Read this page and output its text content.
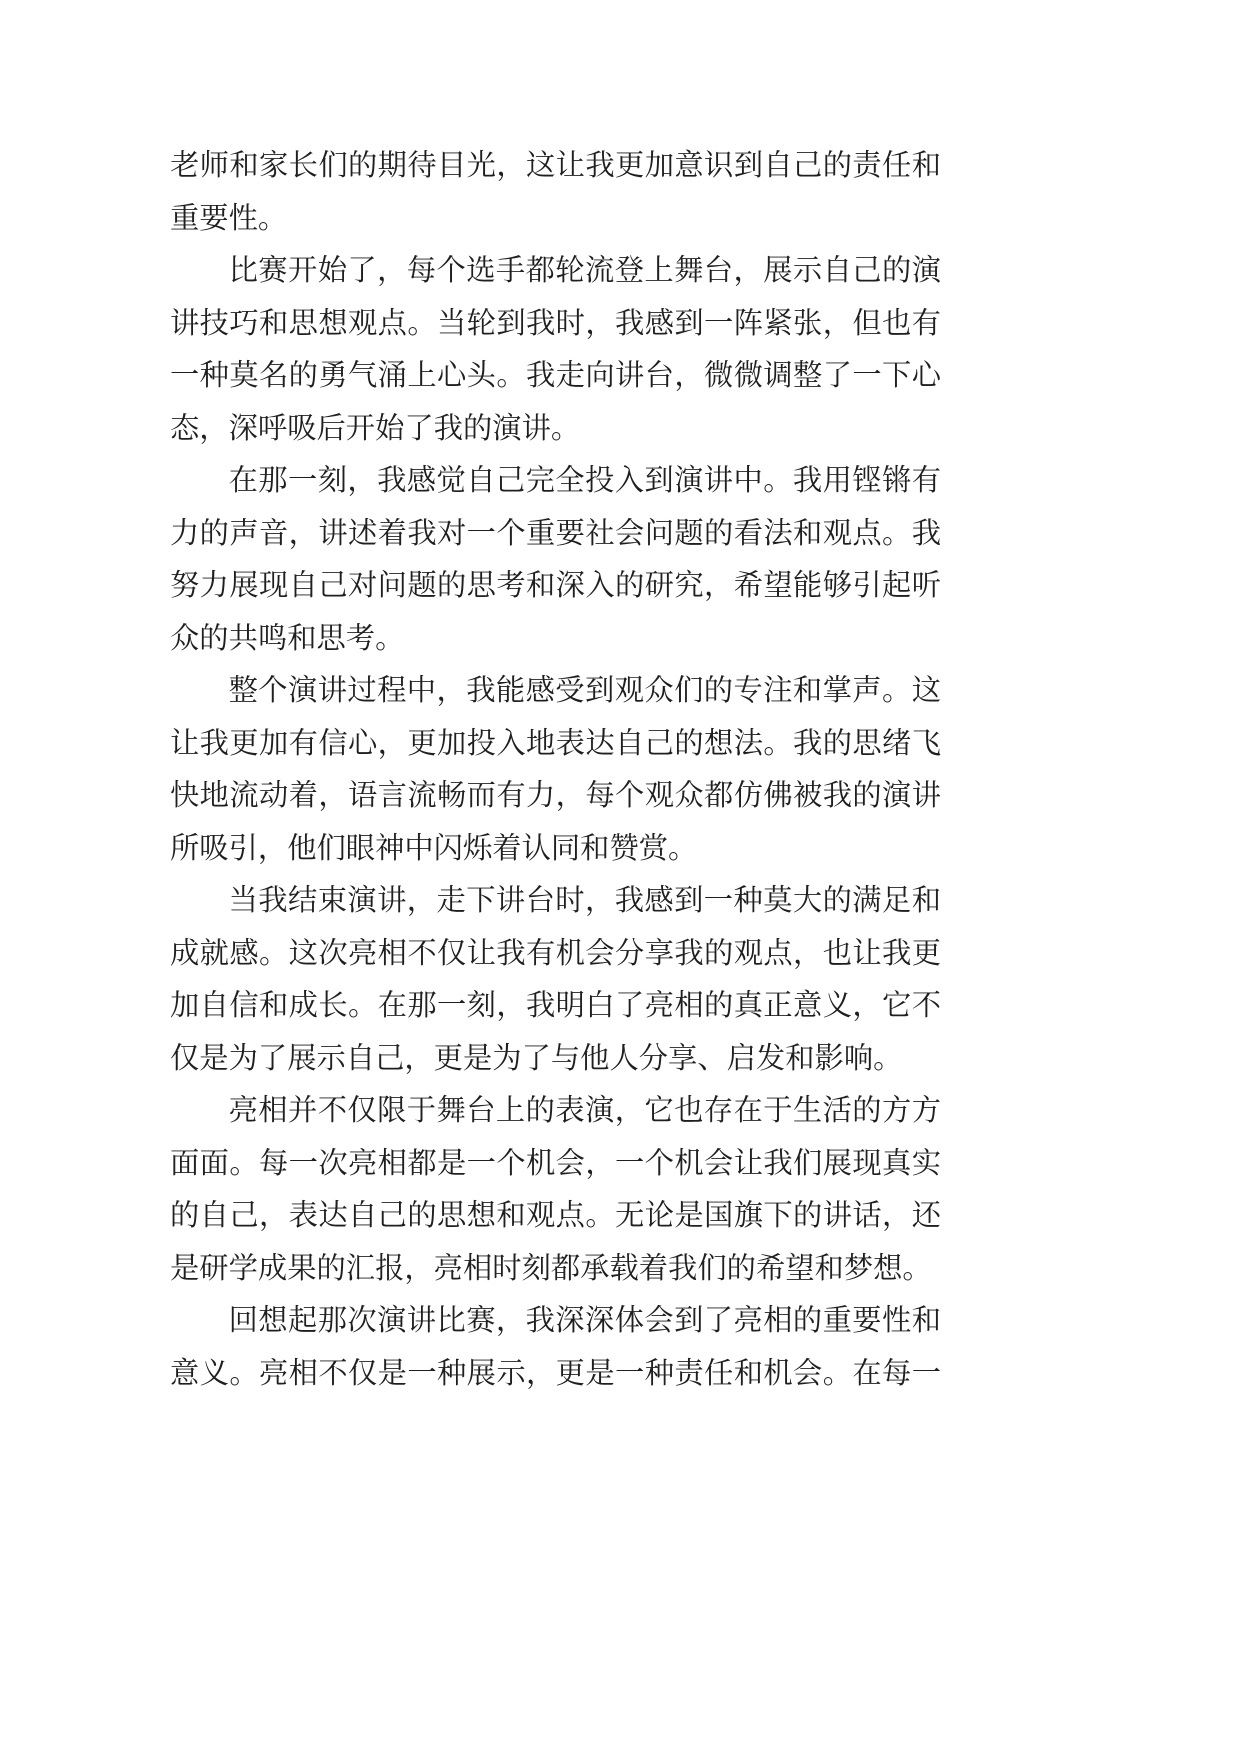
老师和家长们的期待目光，这让我更加意识到自己的责任和
重要性。
比赛开始了，每个选手都轮流登上舞台，展示自己的演
讲技巧和思想观点。当轮到我时，我感到一阵紧张，但也有
一种莫名的勇气涌上心头。我走向讲台，微微调整了一下心
态，深呼吸后开始了我的演讲。
在那一刻，我感觉自己完全投入到演讲中。我用铿锵有
力的声音，讲述着我对一个重要社会问题的看法和观点。我
努力展现自己对问题的思考和深入的研究，希望能够引起听
众的共鸣和思考。
整个演讲过程中，我能感受到观众们的专注和掌声。这
让我更加有信心，更加投入地表达自己的想法。我的思绪飞
快地流动着，语言流畅而有力，每个观众都仿佛被我的演讲
所吸引，他们眼神中闪烁着认同和赞赏。
当我结束演讲，走下讲台时，我感到一种莫大的满足和
成就感。这次亮相不仅让我有机会分享我的观点，也让我更
加自信和成长。在那一刻，我明白了亮相的真正意义，它不
仅是为了展示自己，更是为了与他人分享、启发和影响。
亮相并不仅限于舞台上的表演，它也存在于生活的方方
面面。每一次亮相都是一个机会，一个机会让我们展现真实
的自己，表达自己的思想和观点。无论是国旗下的讲话，还
是研学成果的汇报，亮相时刻都承载着我们的希望和梦想。
回想起那次演讲比赛，我深深体会到了亮相的重要性和
意义。亮相不仅是一种展示，更是一种责任和机会。在每一
